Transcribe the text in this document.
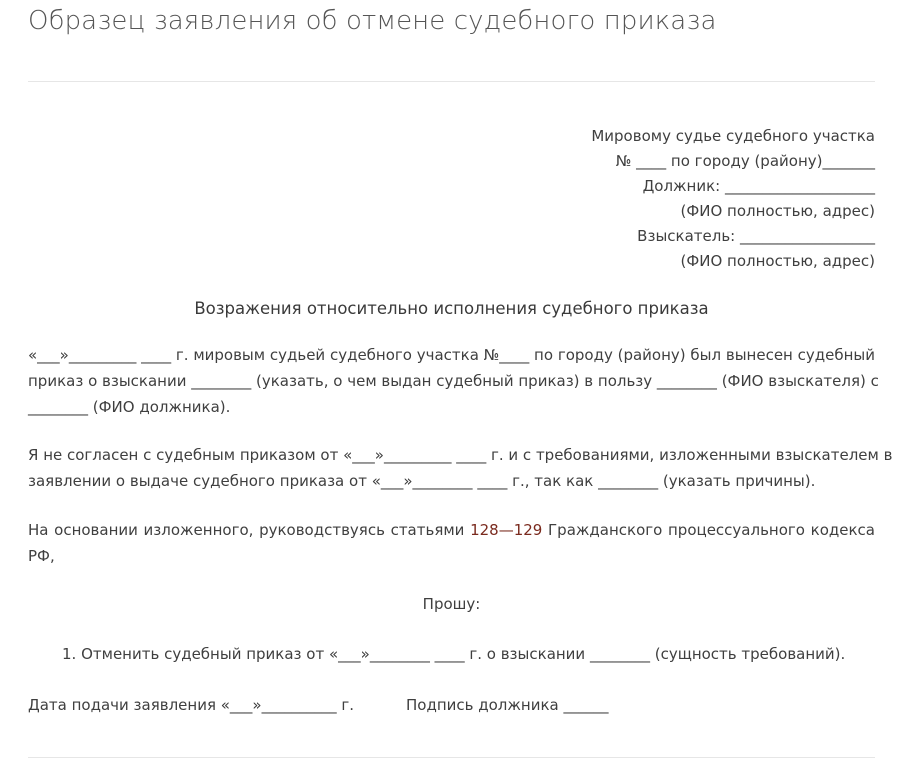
Образец заявления об отмене судебного приказа
Мировому судье судебного участка
№ ____ по городу (району)_______
Должник: ____________________
(ФИО полностью, адрес)
Взыскатель: __________________
(ФИО полностью, адрес)
Возражения относительно исполнения судебного приказа
«___»_________ ____ г. мировым судьей судебного участка №____ по городу (району) был вынесен судебный
приказ о взыскании ________ (указать, о чем выдан судебный приказ) в пользу ________ (ФИО взыскателя) с
________ (ФИО должника).
Я не согласен с судебным приказом от «___»_________ ____ г. и с требованиями, изложенными взыскателем в
заявлении о выдаче судебного приказа от «___»________ ____ г., так как ________ (указать причины).
На основании изложенного, руководствуясь статьями 128—129 Гражданского процессуального кодекса
РФ,
Прошу:
1. Отменить судебный приказ от «___»________ ____ г. о взыскании ________ (сущность требований).
Дата подачи заявления «___»__________ г.	Подпись должника ______
